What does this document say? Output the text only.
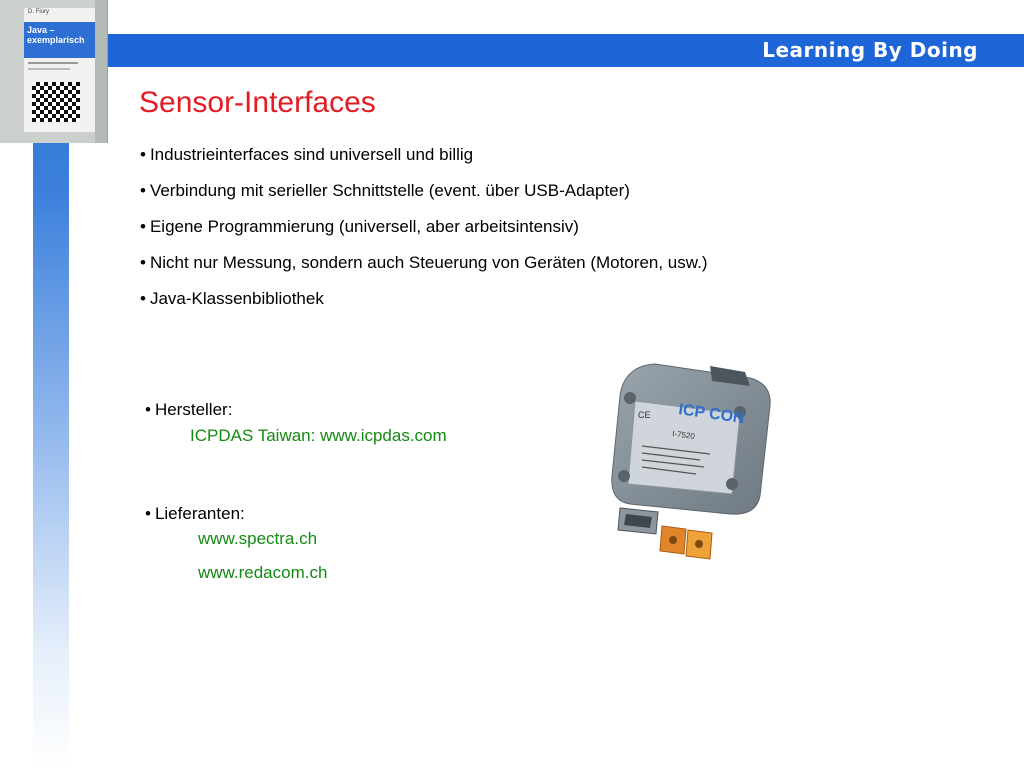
Learning By Doing
D. Flury
Java – exemplarisch
Sensor-Interfaces
• Industrieinterfaces sind universell und billig
• Verbindung mit serieller Schnittstelle (event. über USB-Adapter)
• Eigene Programmierung (universell, aber arbeitsintensiv)
• Nicht nur Messung, sondern auch Steuerung von Geräten (Motoren, usw.)
• Java-Klassenbibliothek
• Hersteller:
ICPDAS Taiwan: www.icpdas.com
• Lieferanten:
www.spectra.ch
www.redacom.ch
ICP CON
CE
I-7520
